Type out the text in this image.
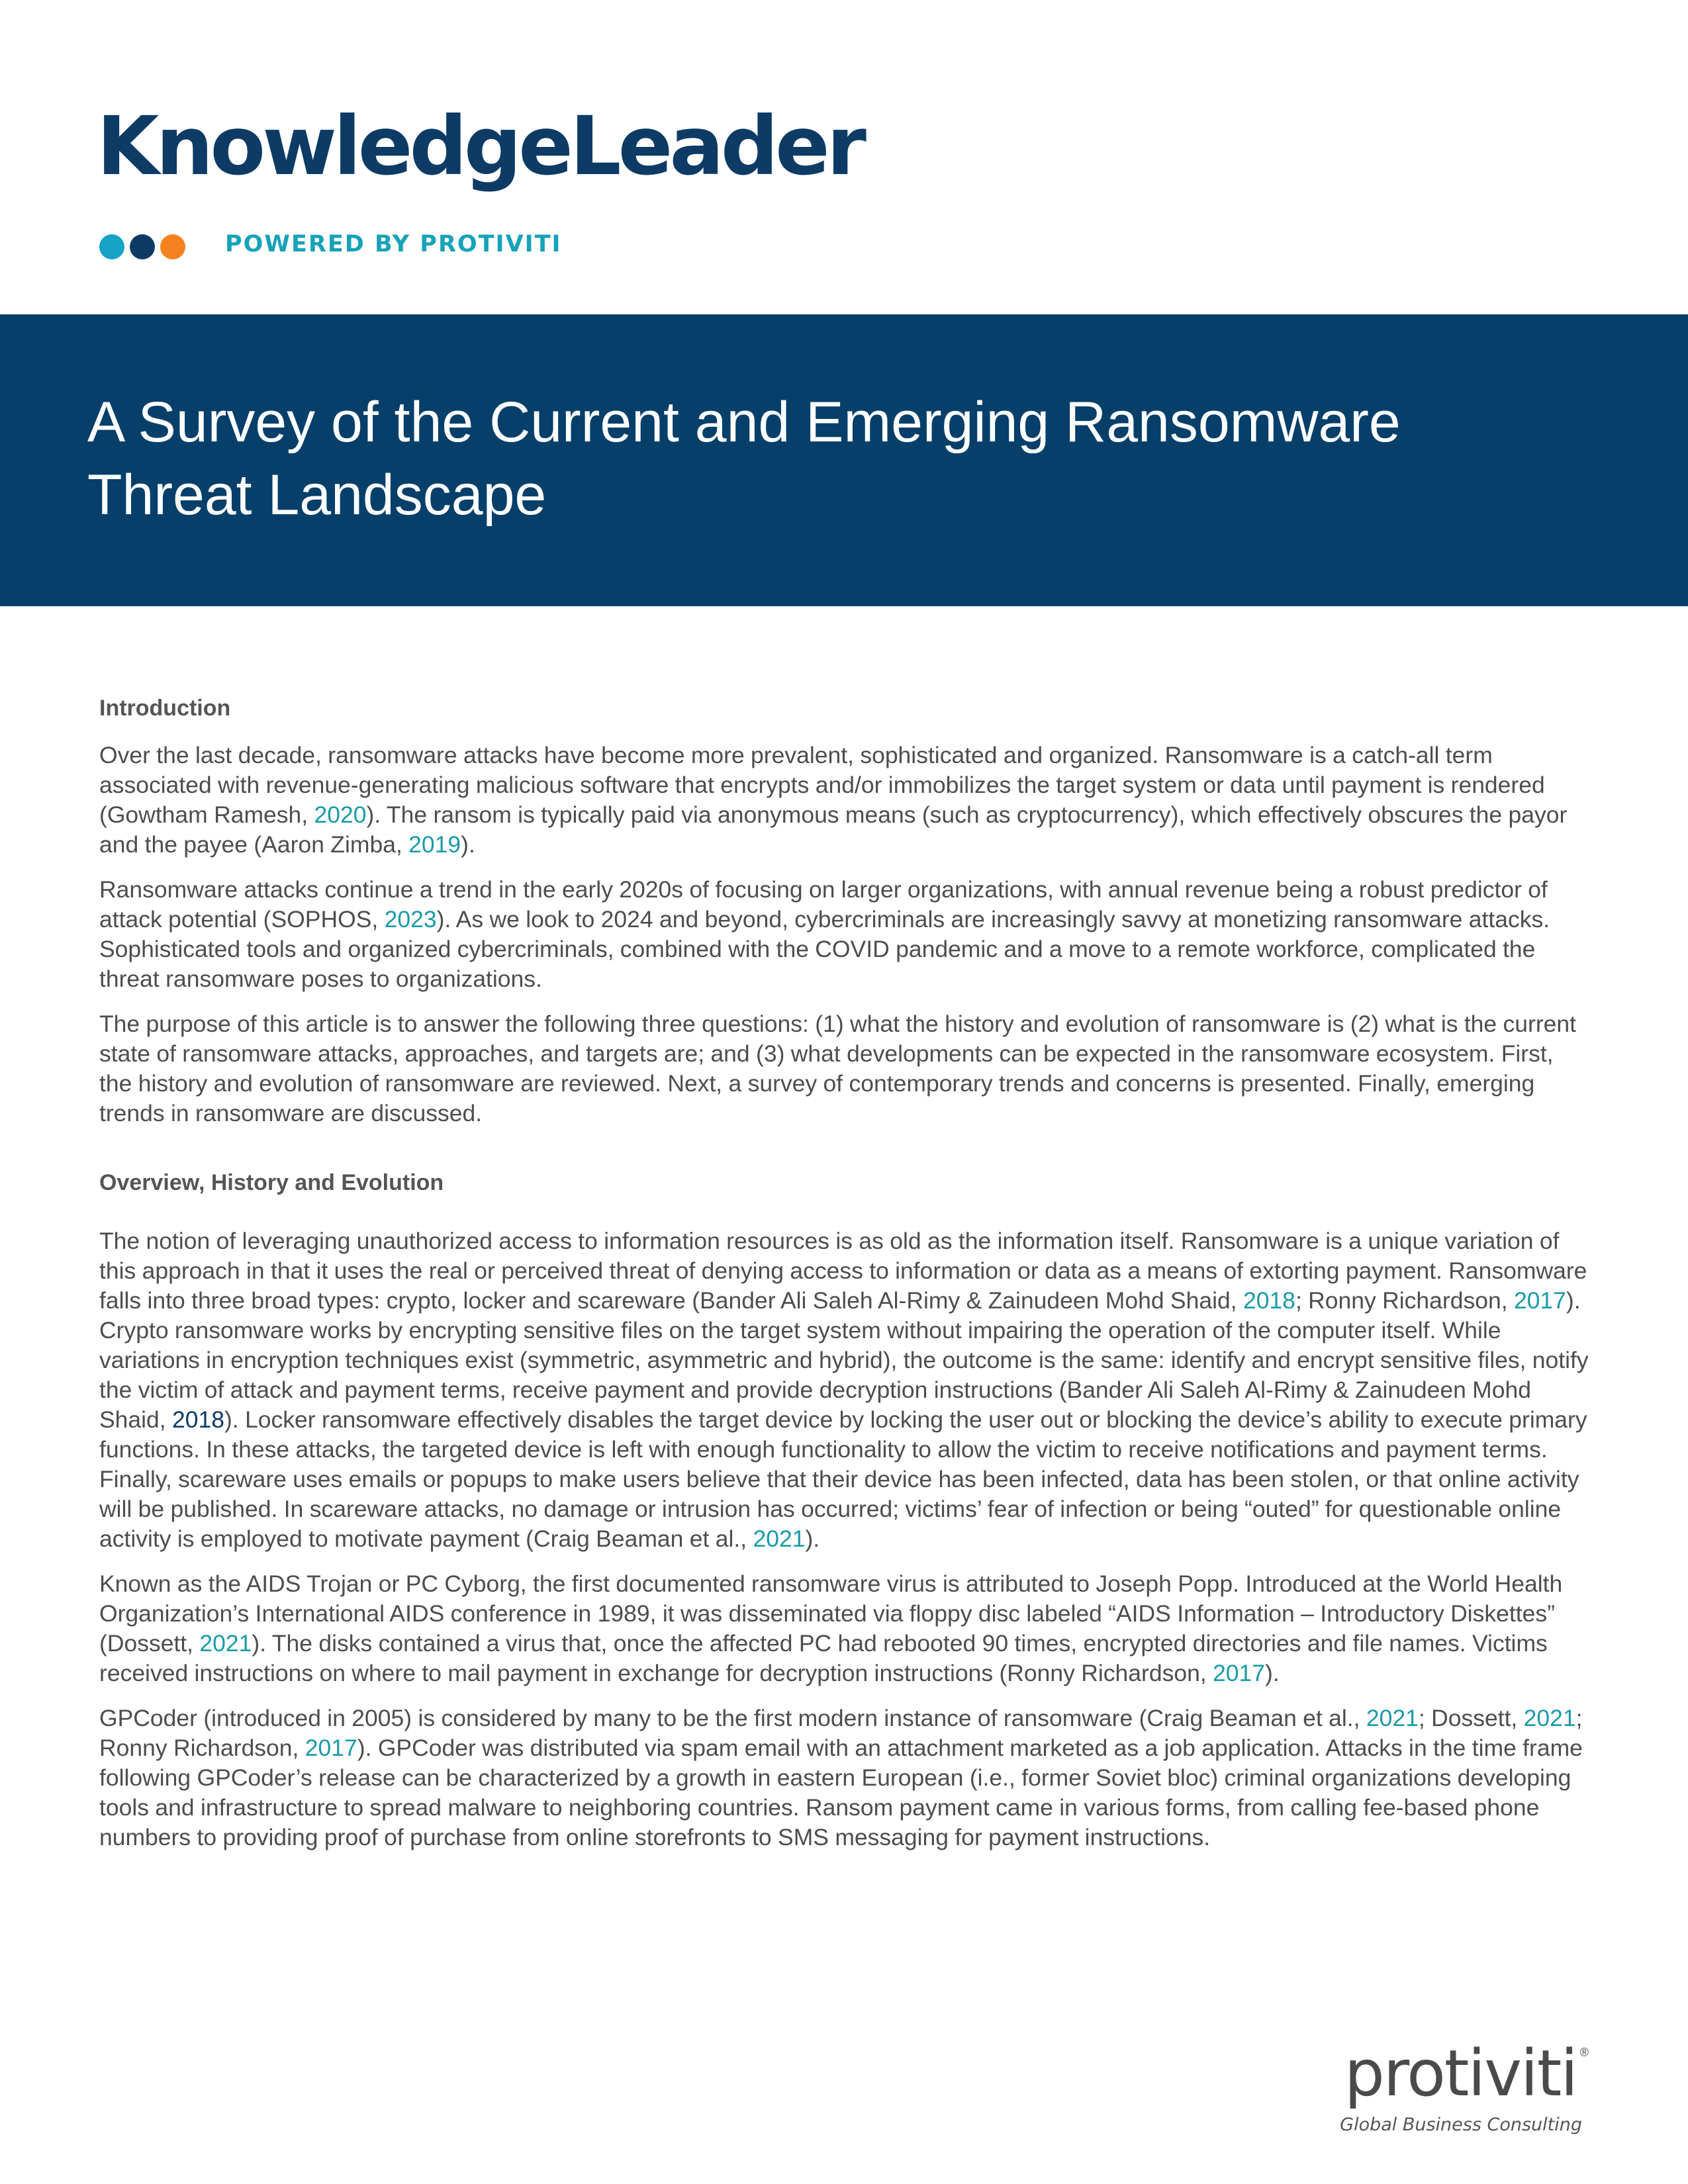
KnowledgeLeader
POWERED BY PROTIVITI
A Survey of the Current and Emerging Ransomware
Threat Landscape
Introduction

Over the last decade, ransomware attacks have become more prevalent, sophisticated and organized. Ransomware is a catch-all term associated with revenue-generating malicious software that encrypts and/or immobilizes the target system or data until payment is rendered (Gowtham Ramesh, 2020). The ransom is typically paid via anonymous means (such as cryptocurrency), which effectively obscures the payor and the payee (Aaron Zimba, 2019).

Ransomware attacks continue a trend in the early 2020s of focusing on larger organizations, with annual revenue being a robust predictor of attack potential (SOPHOS, 2023). As we look to 2024 and beyond, cybercriminals are increasingly savvy at monetizing ransomware attacks. Sophisticated tools and organized cybercriminals, combined with the COVID pandemic and a move to a remote workforce, complicated the threat ransomware poses to organizations.

The purpose of this article is to answer the following three questions: (1) what the history and evolution of ransomware is (2) what is the current state of ransomware attacks, approaches, and targets are; and (3) what developments can be expected in the ransomware ecosystem. First, the history and evolution of ransomware are reviewed. Next, a survey of contemporary trends and concerns is presented. Finally, emerging trends in ransomware are discussed.

Overview, History and Evolution

The notion of leveraging unauthorized access to information resources is as old as the information itself. Ransomware is a unique variation of this approach in that it uses the real or perceived threat of denying access to information or data as a means of extorting payment. Ransomware falls into three broad types: crypto, locker and scareware (Bander Ali Saleh Al-Rimy & Zainudeen Mohd Shaid, 2018; Ronny Richardson, 2017). Crypto ransomware works by encrypting sensitive files on the target system without impairing the operation of the computer itself. While variations in encryption techniques exist (symmetric, asymmetric and hybrid), the outcome is the same: identify and encrypt sensitive files, notify the victim of attack and payment terms, receive payment and provide decryption instructions (Bander Ali Saleh Al-Rimy & Zainudeen Mohd Shaid, 2018). Locker ransomware effectively disables the target device by locking the user out or blocking the device’s ability to execute primary functions. In these attacks, the targeted device is left with enough functionality to allow the victim to receive notifications and payment terms. Finally, scareware uses emails or popups to make users believe that their device has been infected, data has been stolen, or that online activity will be published. In scareware attacks, no damage or intrusion has occurred; victims’ fear of infection or being “outed” for questionable online activity is employed to motivate payment (Craig Beaman et al., 2021).

Known as the AIDS Trojan or PC Cyborg, the first documented ransomware virus is attributed to Joseph Popp. Introduced at the World Health Organization’s International AIDS conference in 1989, it was disseminated via floppy disc labeled “AIDS Information – Introductory Diskettes” (Dossett, 2021). The disks contained a virus that, once the affected PC had rebooted 90 times, encrypted directories and file names. Victims received instructions on where to mail payment in exchange for decryption instructions (Ronny Richardson, 2017).

GPCoder (introduced in 2005) is considered by many to be the first modern instance of ransomware (Craig Beaman et al., 2021; Dossett, 2021; Ronny Richardson, 2017). GPCoder was distributed via spam email with an attachment marketed as a job application. Attacks in the time frame following GPCoder’s release can be characterized by a growth in eastern European (i.e., former Soviet bloc) criminal organizations developing tools and infrastructure to spread malware to neighboring countries. Ransom payment came in various forms, from calling fee-based phone numbers to providing proof of purchase from online storefronts to SMS messaging for payment instructions.

protiviti ®
Global Business Consulting
